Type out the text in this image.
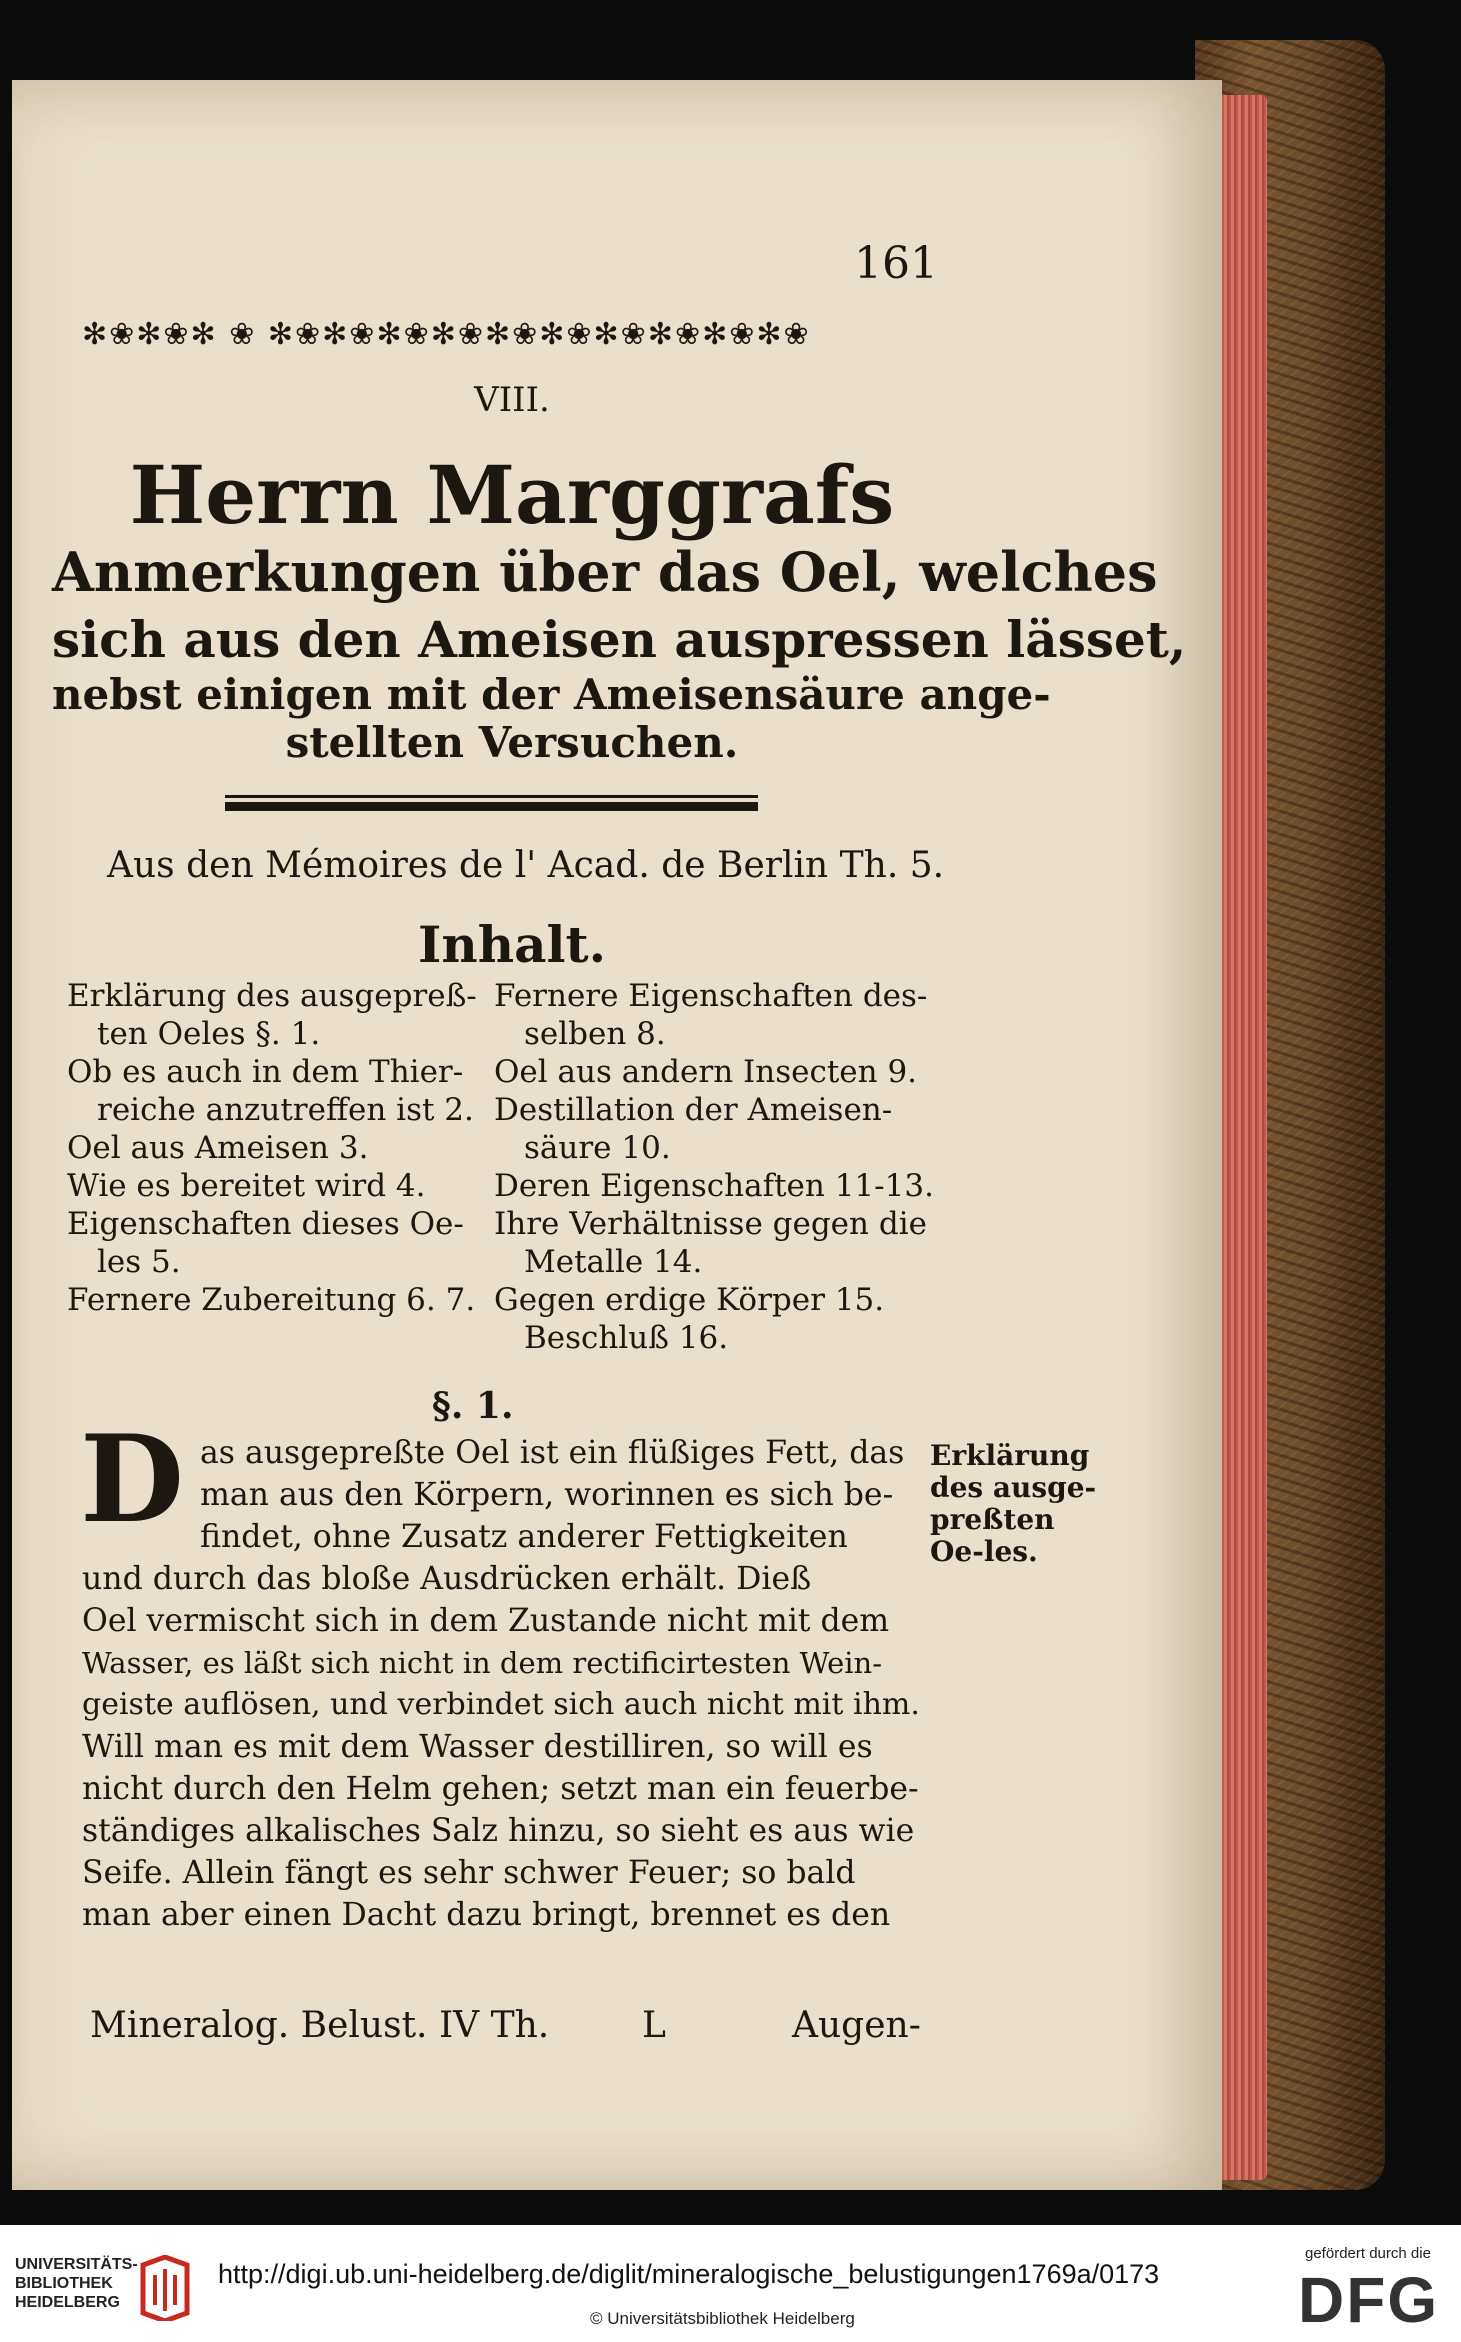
161
✻❀✻❀✻ ❀ ✻❀✻❀✻❀✻❀✻❀✻❀✻❀✻❀✻❀✻❀
VIII.
Herrn Marggrafs
Anmerkungen über das Oel, welches
sich aus den Ameisen auspressen lässet,
nebst einigen mit der Ameisensäure ange-
stellten Versuchen.
Aus den Mémoires de l' Acad. de Berlin Th. 5.
Inhalt.
Erklärung des ausgepreß-
ten Oeles §. 1.
Ob es auch in dem Thier-
reiche anzutreffen ist 2.
Oel aus Ameisen 3.
Wie es bereitet wird 4.
Eigenschaften dieses Oe-
les 5.
Fernere Zubereitung 6. 7.
Fernere Eigenschaften des-
selben 8.
Oel aus andern Insecten 9.
Destillation der Ameisen-
säure 10.
Deren Eigenschaften 11-13.
Ihre Verhältnisse gegen die
Metalle 14.
Gegen erdige Körper 15.
Beschluß 16.
§. 1.
D as ausgepreßte Oel ist ein flüßiges Fett, das
man aus den Körpern, worinnen es sich be-
findet, ohne Zusatz anderer Fettigkeiten
und durch das bloße Ausdrücken erhält. Dieß
Oel vermischt sich in dem Zustande nicht mit dem
Wasser, es läßt sich nicht in dem rectificirtesten Wein-
geiste auflösen, und verbindet sich auch nicht mit ihm.
Will man es mit dem Wasser destilliren, so will es
nicht durch den Helm gehen; setzt man ein feuerbe-
ständiges alkalisches Salz hinzu, so sieht es aus wie
Seife. Allein fängt es sehr schwer Feuer; so bald
man aber einen Dacht dazu bringt, brennet es den
Erklärung des ausge-preßten Oe-les.
Mineralog. Belust. IV Th.	L	Augen-
UNIVERSITÄTS-
BIBLIOTHEK
HEIDELBERG
http://digi.ub.uni-heidelberg.de/diglit/mineralogische_belustigungen1769a/0173
© Universitätsbibliothek Heidelberg
gefördert durch die
DFG
